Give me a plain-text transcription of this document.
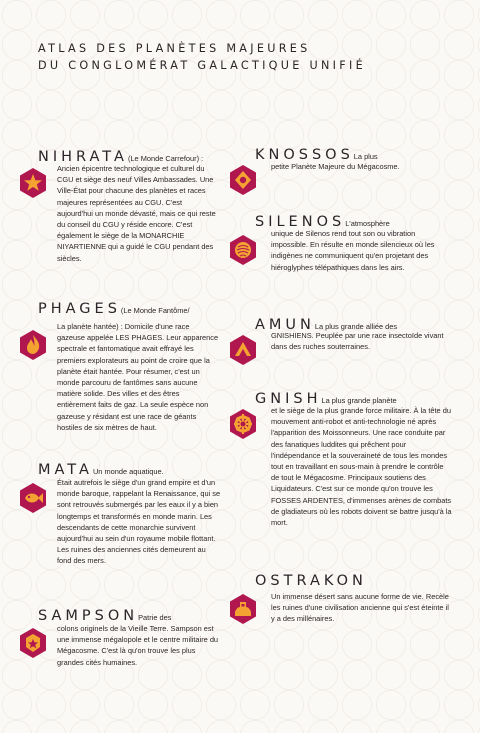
ATLAS DES PLANÈTES MAJEURES
DU CONGLOMÉRAT GALACTIQUE UNIFIÉ
NIHRATA(Le Monde Carrefour) :
Ancien épicentre technologique et culturel du CGU et siège des neuf Villes Ambassades. Une Ville-État pour chacune des planètes et races majeures représentées au CGU. C'est aujourd'hui un monde dévasté, mais ce qui reste du conseil du CGU y réside encore. C'est également le siège de la MONARCHIE NIYARTIENNE qui a guidé le CGU pendant des siècles.
KNOSSOSLa plus
petite Planète Majeure du Mégacosme.
SILENOSL'atmosphère
unique de Silenos rend tout son ou vibration impossible. En résulte en monde silencieux où les indigènes ne communiquent qu'en projetant des hiéroglyphes télépathiques dans les airs.
PHAGES(Le Monde Fantôme/
La planète hantée) : Domicile d'une race gazeuse appelée LES PHAGES. Leur apparence spectrale et fantomatique avait effrayé les premiers explorateurs au point de croire que la planète était hantée. Pour résumer, c'est un monde parcouru de fantômes sans aucune matière solide. Des villes et des êtres entièrement faits de gaz. La seule espèce non gazeuse y résidant est une race de géants hostiles de six mètres de haut.
AMUNLa plus grande alliée des
GNISHIENS. Peuplée par une race insectoïde vivant dans des ruches souterraines.
GNISHLa plus grande planète
et le siège de la plus grande force militaire. À la tête du mouvement anti-robot et anti-technologie né après l'apparition des Moissonneurs. Une race conduite par des fanatiques luddites qui prêchent pour l'indépendance et la souveraineté de tous les mondes tout en travaillant en sous-main à prendre le contrôle de tout le Mégacosme. Principaux soutiens des Liquidateurs. C'est sur ce monde qu'on trouve les FOSSES ARDENTES, d'immenses arènes de combats de gladiateurs où les robots doivent se battre jusqu'à la mort.
MATAUn monde aquatique.
Était autrefois le siège d'un grand empire et d'un monde baroque, rappelant la Renaissance, qui se sont retrouvés submergés par les eaux il y a bien longtemps et transformés en monde marin. Les descendants de cette monarchie survivent aujourd'hui au sein d'un royaume mobile flottant. Les ruines des anciennes cités demeurent au fond des mers.
OSTRAKON
Un immense désert sans aucune forme de vie. Recèle les ruines d'une civilisation ancienne qui s'est éteinte il y a des millénaires.
SAMPSONPatrie des
colons originels de la Vieille Terre. Sampson est une immense mégalopole et le centre militaire du Mégacosme. C'est là qu'on trouve les plus grandes cités humaines.
